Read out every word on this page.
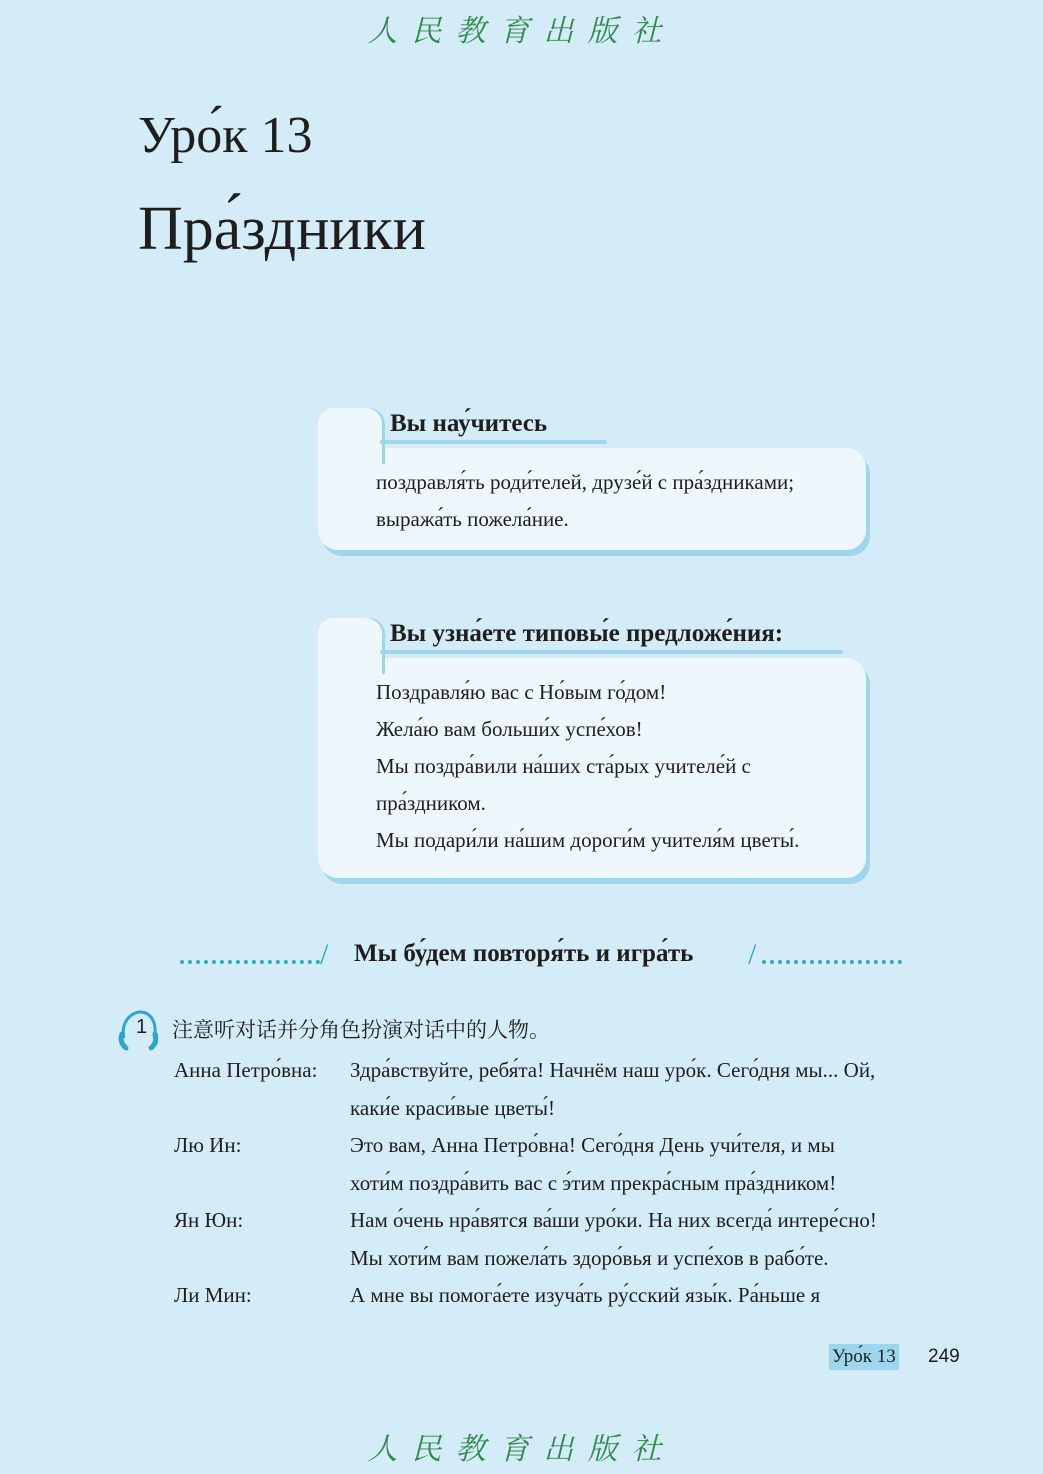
人民教育出版社
Уро́к 13
Пра́здники
Вы нау́читесь
поздравля́ть роди́телей, друзе́й с пра́здниками;
выража́ть пожела́ние.
Вы узна́ете типовы́е предложе́ния:
Поздравля́ю вас с Но́вым го́дом!
Жела́ю вам больши́х успе́хов!
Мы поздра́вили на́ших ста́рых учителе́й с
пра́здником.
Мы подари́ли на́шим дороги́м учителя́м цветы́.
/ Мы бу́дем повторя́ть и игра́ть /
1 注意听对话并分角色扮演对话中的人物。
Анна Петро́вна: Здра́вствуйте, ребя́та! Начнём наш уро́к. Сего́дня мы... Ой,
каки́е краси́вые цветы́!
Лю Ин:	Это вам, Анна Петро́вна! Сего́дня День учи́теля, и мы
хоти́м поздра́вить вас с э́тим прекра́сным пра́здником!
Ян Юн:	Нам о́чень нра́вятся ва́ши уро́ки. На них всегда́ интере́сно!
Мы хоти́м вам пожела́ть здоро́вья и успе́хов в рабо́те.
Ли Мин:	А мне вы помога́ете изуча́ть ру́сский язы́к. Ра́ньше я
Уро́к 13 249
人民教育出版社
